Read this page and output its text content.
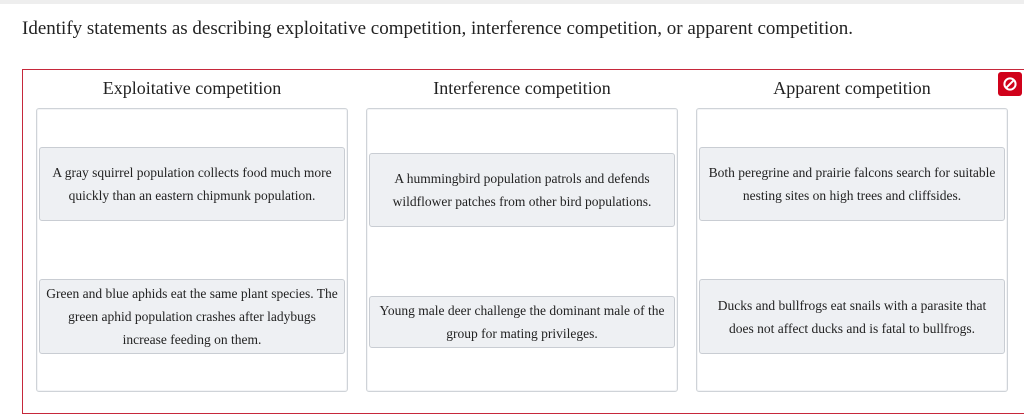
Identify statements as describing exploitative competition, interference competition, or apparent competition.
Exploitative competition
A gray squirrel population collects food much more quickly than an eastern chipmunk population.
Green and blue aphids eat the same plant species. The green aphid population crashes after ladybugs increase feeding on them.
Interference competition
A hummingbird population patrols and defends wildflower patches from other bird populations.
Young male deer challenge the dominant male of the group for mating privileges.
Apparent competition
Both peregrine and prairie falcons search for suitable nesting sites on high trees and cliffsides.
Ducks and bullfrogs eat snails with a parasite that does not affect ducks and is fatal to bullfrogs.
